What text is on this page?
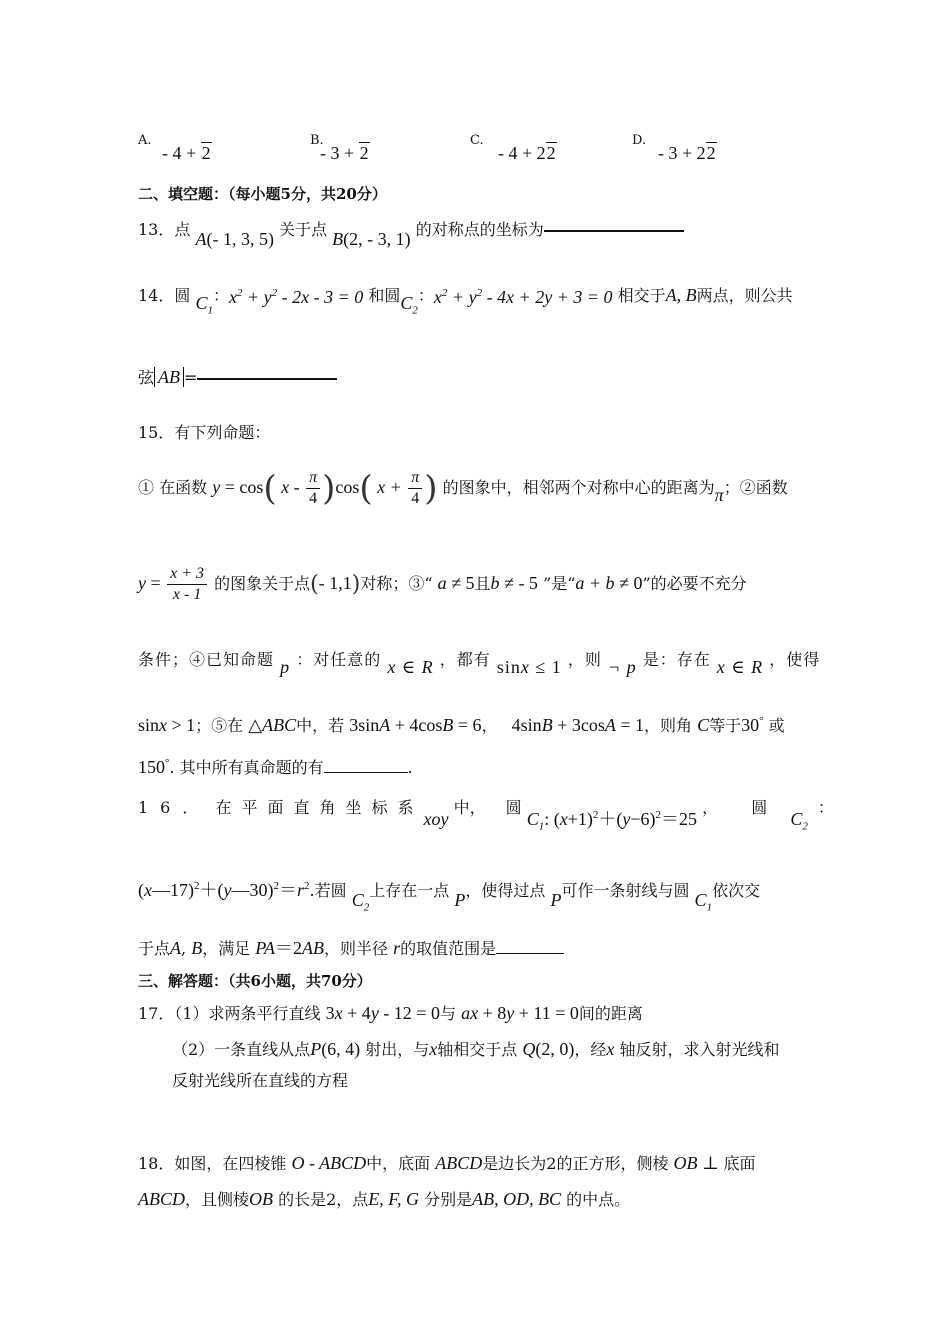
A.
- 4 + 2
B.
- 3 + 2
C.
- 4 + 22
D.
- 3 + 22
二、填空题：（每小题5分，共20分）
13．点 A(- 1, 3, 5) 关于点 B(2, - 3, 1) 的对称点的坐标为
14．圆 $C_1$：$x^2 + y^2 - 2x - 3 = 0$ 和圆$C_2$：$x^2 + y^2 - 4x + 2y + 3 = 0$ 相交于A, B两点，则公共
弦 AB =
15．有下列命题：
① 在函数 y = cos( x - $\frac{\pi}{4} )\cos$( $x + \frac{\pi}{4}$ ) 的图象中，相邻两个对称中心的距离为π；②函数
$y = \frac{x + 3}{x - 1}$ 的图象关于点(- 1,1)对称；③“ a ≠ 5且b ≠ - 5 ”是“a + b ≠ 0”的必要不充分
条件；④已知命题 p ：对任意的 x ∈ R ，都有 sinx ≤ 1 ，则 ¬ p 是：存在 x ∈ R ，使得
sinx > 1；⑤在 △ABC中，若 3sinA + 4cosB = 6，   4sinB + 3cosA = 1，则角 C等于30° 或
150°. 其中所有真命题的有	.
16． 在平面直角坐标系xoy 中， 圆 $C_1$: $(x+1)^2+(y-6)^2=25$ ， 圆 $C_2$：
$(x—17)^2+(y—30)^2=r^2$.若圆 $C_2$上存在一点 P，使得过点 P可作一条射线与圆 $C_1$依次交
于点A, B，满足 PA＝2AB，则半径 r的取值范围是
三、解答题：（共6小题，共70分）
17．（1）求两条平行直线 3x + 4y - 12 = 0与 ax + 8y + 11 = 0间的距离
（2）一条直线从点P(6, 4) 射出，与x轴相交于点 Q(2, 0)，经x 轴反射，求入射光线和
反射光线所在直线的方程
18．如图，在四棱锥 O - ABCD中，底面 ABCD是边长为2的正方形，侧棱 OB ⊥ 底面
ABCD，且侧棱OB 的长是2，点E, F, G 分别是AB, OD, BC 的中点。
